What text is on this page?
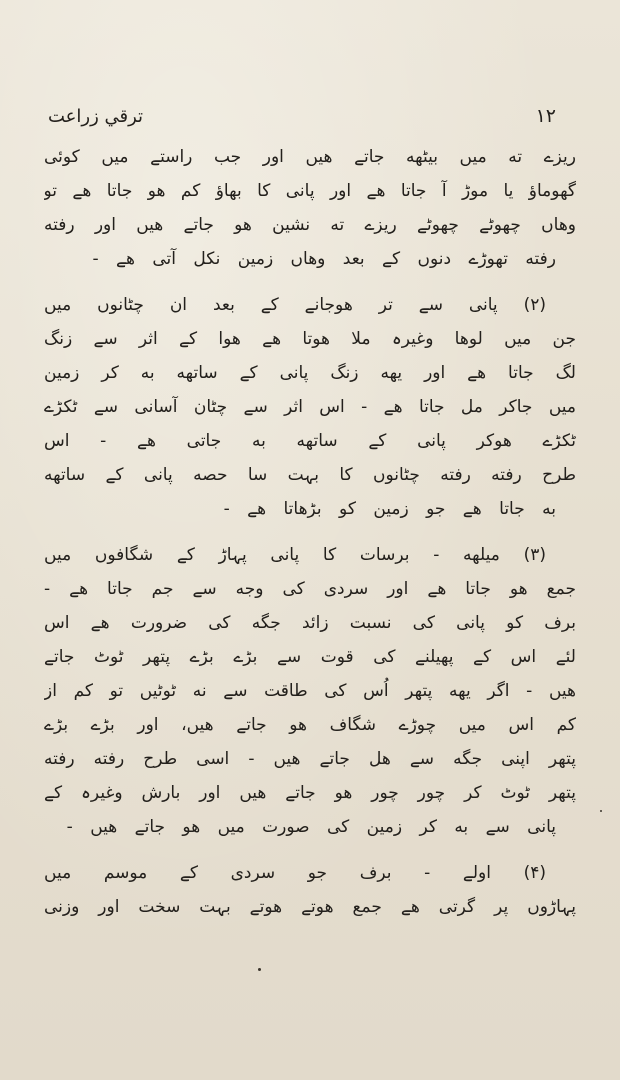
ترقي زراعت	١٢
ریزے ته میں بیٹھه جاتے ھیں اور جب راستے میں کوئی
گھوماؤ یا موڑ آ جاتا ھے اور پانی کا بھاؤ کم ھو جاتا ھے تو
وھاں چھوٹے چھوٹے ریزے ته نشین ھو جاتے ھیں اور رفته
رفته تھوڑے دنوں کے بعد وھاں زمین نکل آتی ھے -
(۲) پانی سے تر ھوجانے کے بعد ان چٹانوں میں
جن میں لوھا وغیرہ ملا ھوتا ھے ھوا کے اثر سے زنگ
لگ جاتا ھے اور یهه زنگ پانی کے ساتھه به کر زمین
میں جاکر مل جاتا ھے - اس اثر سے چٹان آسانی سے ٹکڑے
ٹکڑے ھوکر پانی کے ساتھه به جاتی ھے - اس
طرح رفته رفته چٹانوں کا بہت سا حصه پانی کے ساتھه
به جاتا ھے جو زمین کو بڑھاتا ھے -
(۳) میلهه - برسات کا پانی پہاڑ کے شگافوں میں
جمع ھو جاتا ھے اور سردی کی وجه سے جم جاتا ھے -
برف کو پانی کی نسبت زائد جگه کی ضرورت ھے اس
لئے اس کے پھیلنے کی قوت سے بڑے بڑے پتھر ٹوٹ جاتے
ھیں - اگر یهه پتھر اُس کی طاقت سے نه ٹوٹیں تو کم از
کم اس میں چوڑے شگاف ھو جاتے ھیں، اور بڑے بڑے
پتھر اپنی جگه سے ھل جاتے ھیں - اسی طرح رفته رفته
پتھر ٹوٹ کر چور چور ھو جاتے ھیں اور بارش وغیرہ کے
پانی سے به کر زمین کی صورت میں ھو جاتے ھیں -
(۴) اولے - برف جو سردی کے موسم میں
پہاڑوں پر گرتی ھے جمع ھوتے ھوتے بہت سخت اور وزنی
